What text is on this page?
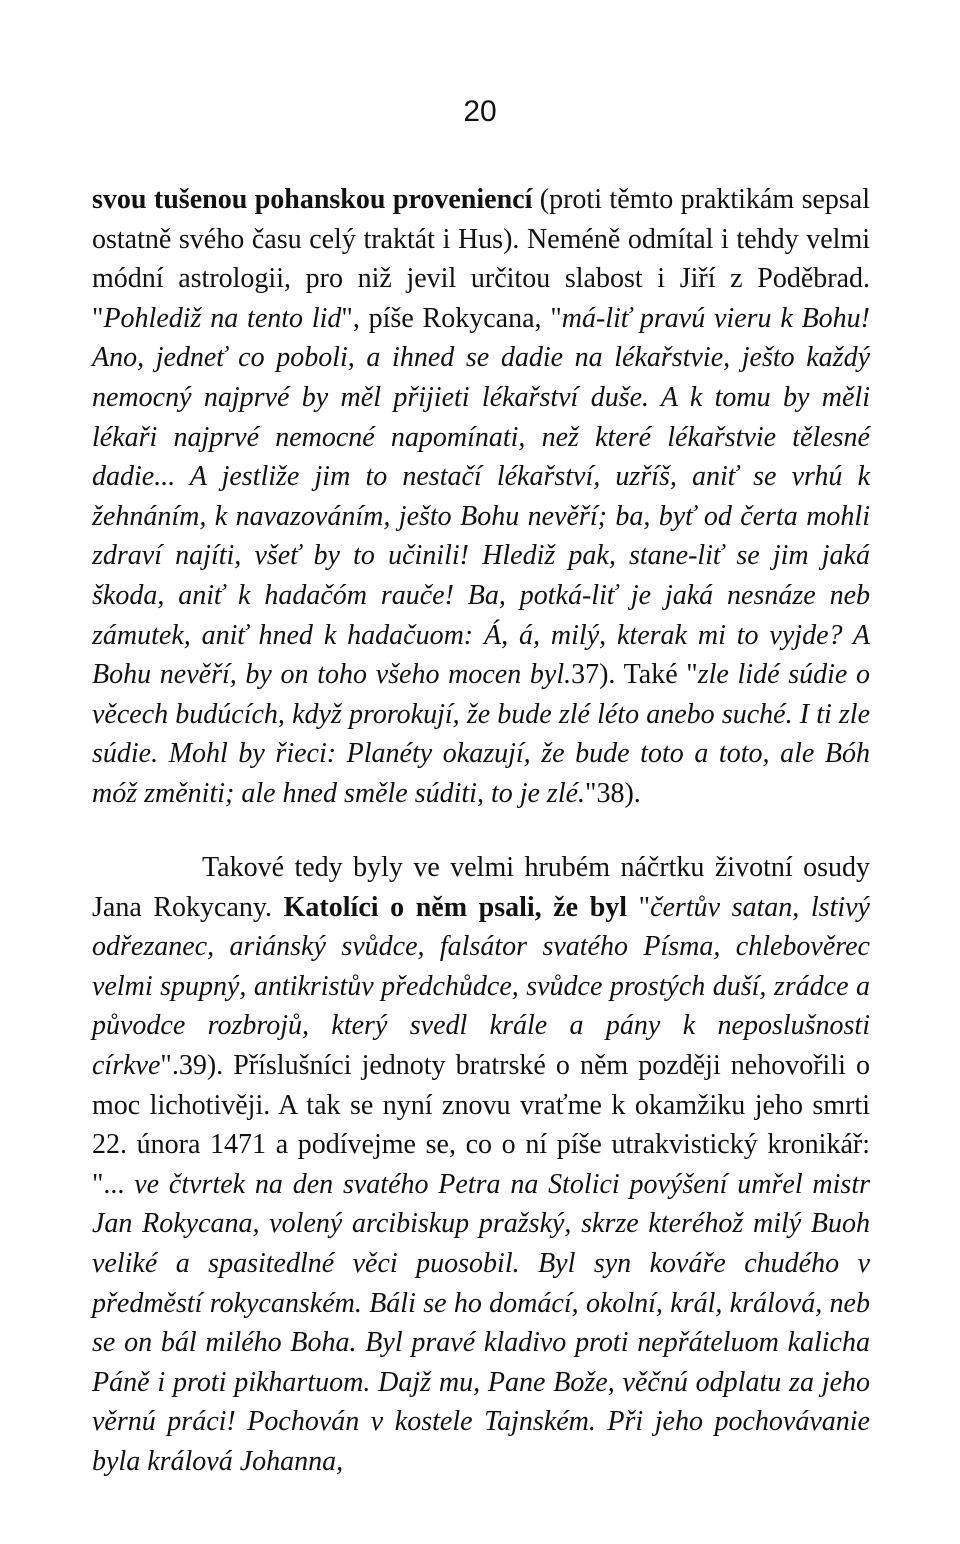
20
svou tušenou pohanskou proveniencí (proti těmto praktikám sepsal ostatně svého času celý traktát i Hus). Neméně odmítal i tehdy velmi módní astrologii, pro niž jevil určitou slabost i Jiří z Poděbrad. "Pohlediž na tento lid", píše Rokycana, "má-liť pravú vieru k Bohu! Ano, jedneť co poboli, a ihned se dadie na lékařstvie, ješto každý nemocný najprvé by měl přijieti lékařství duše. A k tomu by měli lékaři najprvé nemocné napomínati, než které lékařstvie tělesné dadie... A jestliže jim to nestačí lékařství, uzříš, aniť se vrhú k žehnáním, k navazováním, ješto Bohu nevěří; ba, byť od čerta mohli zdraví najíti, všeť by to učinili! Hlediž pak, stane-liť se jim jaká škoda, aniť k hadačóm rauče! Ba, potká-liť je jaká nesnáze neb zámutek, aniť hned k hadačuom: Á, á, milý, kterak mi to vyjde? A Bohu nevěří, by on toho všeho mocen byl.37). Také "zle lidé súdie o věcech budúcích, když prorokují, že bude zlé léto anebo suché. I ti zle súdie. Mohl by řieci: Planéty okazují, že bude toto a toto, ale Bóh móž změniti; ale hned směle súditi, to je zlé."38).
Takové tedy byly ve velmi hrubém náčrtku životní osudy Jana Rokycany. Katolíci o něm psali, že byl "čertův satan, lstivý odřezanec, ariánský svůdce, falsátor svatého Písma, chlebověrec velmi spupný, antikristův předchůdce, svůdce prostých duší, zrádce a původce rozbrojů, který svedl krále a pány k neposlušnosti církve".39). Příslušníci jednoty bratrské o něm později nehovořili o moc lichotivěji. A tak se nyní znovu vraťme k okamžiku jeho smrti 22. února 1471 a podívejme se, co o ní píše utrakvistický kronikář: "... ve čtvrtek na den svatého Petra na Stolici povýšení umřel mistr Jan Rokycana, volený arcibiskup pražský, skrze kteréhož milý Buoh veliké a spasitedlné věci puosobil. Byl syn kováře chudého v předměstí rokycanském. Báli se ho domácí, okolní, král, králová, neb se on bál milého Boha. Byl pravé kladivo proti nepřáteluom kalicha Páně i proti pikhartuom. Dajž mu, Pane Bože, věčnú odplatu za jeho věrnú práci! Pochován v kostele Tajnském. Při jeho pochovávanie byla králová Johanna,
